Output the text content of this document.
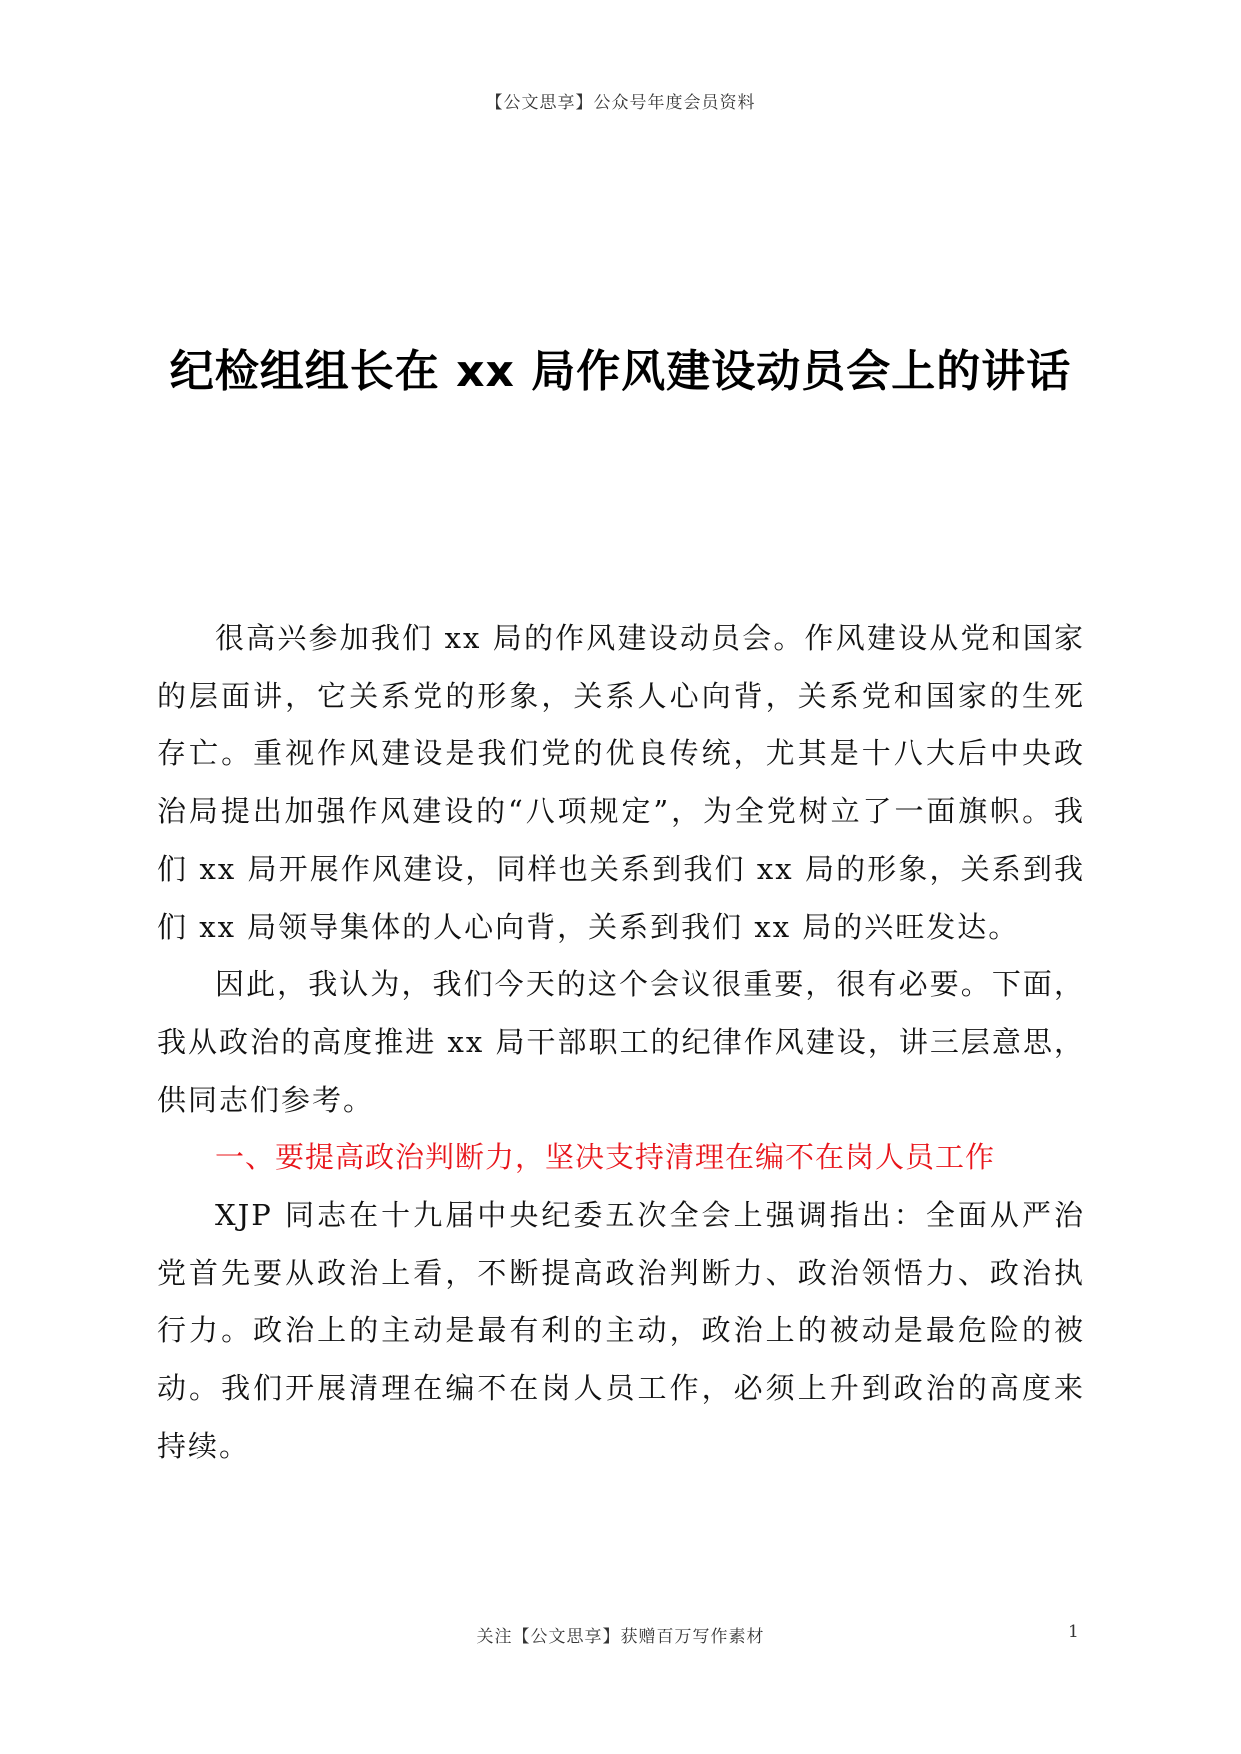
【公文思享】公众号年度会员资料
纪检组组长在 xx 局作风建设动员会上的讲话

很高兴参加我们 xx 局的作风建设动员会。作风建设从党和国家的层面讲，它关系党的形象，关系人心向背，关系党和国家的生死存亡。重视作风建设是我们党的优良传统，尤其是十八大后中央政治局提出加强作风建设的“八项规定”，为全党树立了一面旗帜。我们 xx 局开展作风建设，同样也关系到我们 xx 局的形象，关系到我们 xx 局领导集体的人心向背，关系到我们 xx 局的兴旺发达。

因此，我认为，我们今天的这个会议很重要，很有必要。下面，我从政治的高度推进 xx 局干部职工的纪律作风建设，讲三层意思，供同志们参考。

一、要提高政治判断力，坚决支持清理在编不在岗人员工作

XJP 同志在十九届中央纪委五次全会上强调指出：全面从严治党首先要从政治上看，不断提高政治判断力、政治领悟力、政治执行力。政治上的主动是最有利的主动，政治上的被动是最危险的被动。我们开展清理在编不在岗人员工作，必须上升到政治的高度来持续。

关注【公文思享】获赠百万写作素材	1
